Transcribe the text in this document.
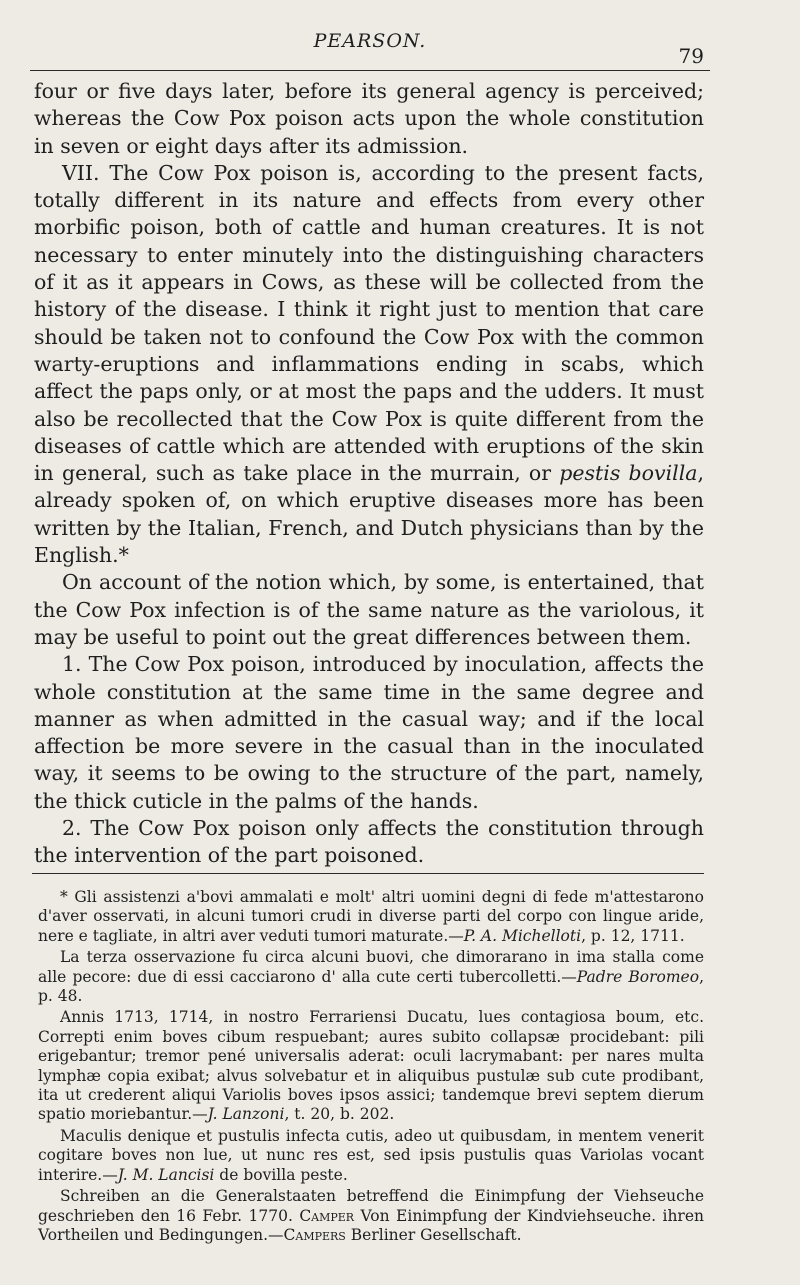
PEARSON.
79

four or five days later, before its general agency is perceived; whereas the Cow Pox poison acts upon the whole constitution in seven or eight days after its admission.

VII. The Cow Pox poison is, according to the present facts, totally different in its nature and effects from every other morbific poison, both of cattle and human creatures. It is not necessary to enter minutely into the distinguishing characters of it as it appears in Cows, as these will be collected from the history of the disease. I think it right just to mention that care should be taken not to confound the Cow Pox with the common warty-eruptions and inflammations ending in scabs, which affect the paps only, or at most the paps and the udders. It must also be recollected that the Cow Pox is quite different from the diseases of cattle which are attended with eruptions of the skin in general, such as take place in the murrain, or pestis bovilla, already spoken of, on which eruptive diseases more has been written by the Italian, French, and Dutch physicians than by the English.*

On account of the notion which, by some, is entertained, that the Cow Pox infection is of the same nature as the variolous, it may be useful to point out the great differences between them.

1. The Cow Pox poison, introduced by inoculation, affects the whole constitution at the same time in the same degree and manner as when admitted in the casual way; and if the local affection be more severe in the casual than in the inoculated way, it seems to be owing to the structure of the part, namely, the thick cuticle in the palms of the hands.

2. The Cow Pox poison only affects the constitution through the intervention of the part poisoned.

* Gli assistenzi a'bovi ammalati e molt' altri uomini degni di fede m'attestarono d'aver osservati, in alcuni tumori crudi in diverse parti del corpo con lingue aride, nere e tagliate, in altri aver veduti tumori maturate.—P. A. Michelloti, p. 12, 1711.

La terza osservazione fu circa alcuni buovi, che dimorarano in ima stalla come alle pecore: due di essi cacciarono d' alla cute certi tubercolletti.—Padre Boromeo, p. 48.

Annis 1713, 1714, in nostro Ferrariensi Ducatu, lues contagiosa boum, etc. Correpti enim boves cibum respuebant; aures subito collapsæ procidebant: pili erigebantur; tremor pené universalis aderat: oculi lacrymabant: per nares multa lymphæ copia exibat; alvus solvebatur et in aliquibus pustulæ sub cute prodibant, ita ut crederent aliqui Variolis boves ipsos assici; tandemque brevi septem dierum spatio moriebantur.—J. Lanzoni, t. 20, b. 202.

Maculis denique et pustulis infecta cutis, adeo ut quibusdam, in mentem venerit cogitare boves non lue, ut nunc res est, sed ipsis pustulis quas Variolas vocant interire.—J. M. Lancisi de bovilla peste.

Schreiben an die Generalstaaten betreffend die Einimpfung der Viehseuche geschrieben den 16 Febr. 1770. Camper Von Einimpfung der Kindviehseuche. ihren Vortheilen und Bedingungen.—Campers Berliner Gesellschaft.
